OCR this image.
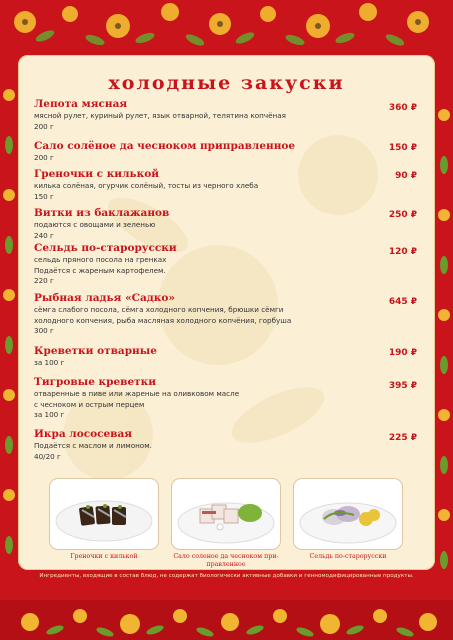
Ингредиенты, входящие в состав блюд, не содержат биологически активные добавки и генномодифицированные продукты.
холодные закуски
Лепота мясная
мясной рулет, куриный рулет, язык отварной, телятина копчёная
200 г
360 ₽
Сало солёное да чесноком приправленное
200 г
150 ₽
Греночки с килькой
килька солёная, огурчик солёный, тосты из черного хлеба
150 г
90 ₽
Витки из баклажанов
подаются с овощами и зеленью
240 г
250 ₽
Сельдь по-старорусски
сельдь пряного посола на гренках
Подаётся с жареным картофелем.
220 г
120 ₽
Рыбная ладья «Садко»
сёмга слабого посола, сёмга холодного копчения, брюшки сёмги
холодного копчения, рыба масляная холодного копчёния, горбуша
300 г
645 ₽
Креветки отварные
за 100 г
190 ₽
Тигровые креветки
отваренные в пиве или жареные на оливковом масле
с чесноком и острым перцем
за 100 г
395 ₽
Икра лососевая
Подаётся с маслом и лимоном.
40/20 г
225 ₽
Греночки с килькой	Сало соленое да чесноком при-
правленное
Сельдь по-старорусски
